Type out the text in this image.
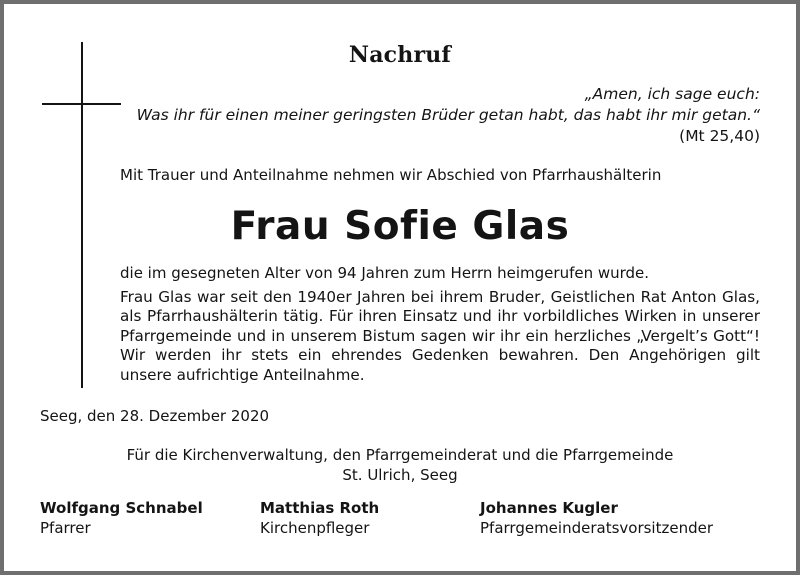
Nachruf
„Amen, ich sage euch:
Was ihr für einen meiner geringsten Brüder getan habt, das habt ihr mir getan.“
(Mt 25,40)
Mit Trauer und Anteilnahme nehmen wir Abschied von Pfarrhaushälterin
Frau Sofie Glas
die im gesegneten Alter von 94 Jahren zum Herrn heimgerufen wurde.
Frau Glas war seit den 1940er Jahren bei ihrem Bruder, Geistlichen Rat Anton Glas, als Pfarrhaushälterin tätig. Für ihren Einsatz und ihr vorbildliches Wirken in unserer Pfarrgemeinde und in unserem Bistum sagen wir ihr ein herzliches „Vergelt’s Gott“! Wir werden ihr stets ein ehrendes Gedenken bewahren. Den Angehörigen gilt unsere aufrichtige Anteilnahme.
Seeg, den 28. Dezember 2020
Für die Kirchenverwaltung, den Pfarrgemeinderat und die Pfarrgemeinde
St. Ulrich, Seeg
Wolfgang Schnabel
Pfarrer
Matthias Roth
Kirchenpfleger
Johannes Kugler
Pfarrgemeinderatsvorsitzender
